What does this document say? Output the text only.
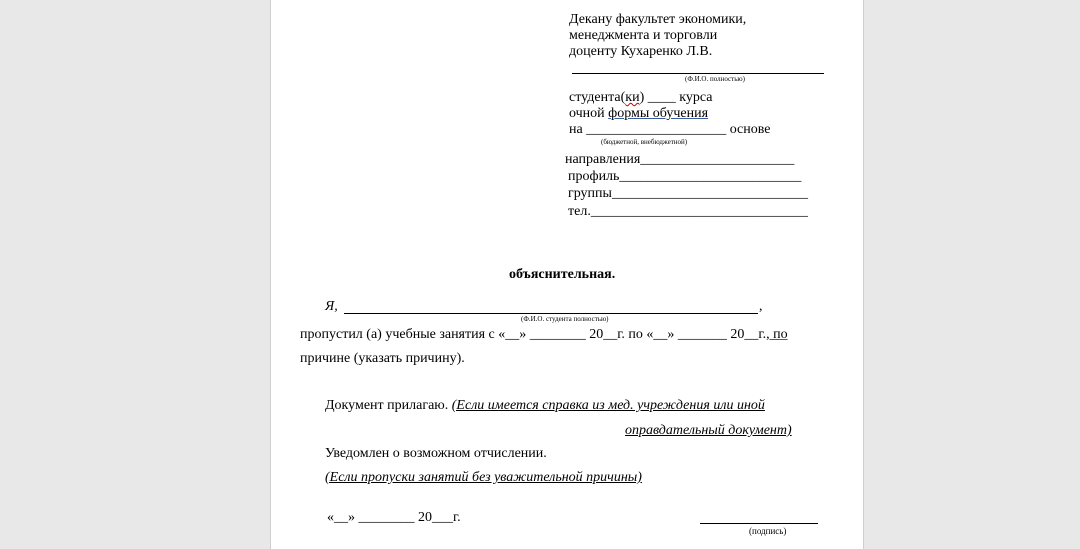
Декану факультет экономики,
менеджмента и торговли
доценту Кухаренко Л.В.
(Ф.И.О. полностью)
студента(ки) ____ курса
очной формы обучения
на ____________________ основе
(бюджетной, внебюджетной)
направления______________________
профиль__________________________
группы____________________________
тел._______________________________
объяснительная.
Я,	,
(Ф.И.О. студента полностью)
пропустил (а) учебные занятия с «__» ________ 20__г. по «__» _______ 20__г., по
причине (указать причину).
Документ прилагаю. (Если имеется справка из мед. учреждения или иной
оправдательный документ)
Уведомлен о возможном отчислении.
(Если пропуски занятий без уважительной причины)
«__» ________ 20___г.
(подпись)
